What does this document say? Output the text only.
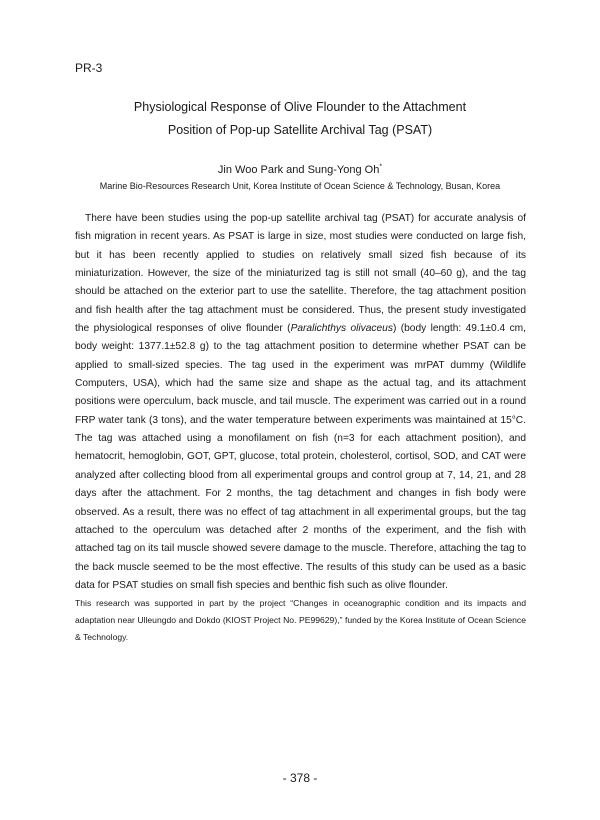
PR-3
Physiological Response of Olive Flounder to the Attachment
Position of Pop-up Satellite Archival Tag (PSAT)
Jin Woo Park and Sung-Yong Oh*
Marine Bio-Resources Research Unit, Korea Institute of Ocean Science & Technology, Busan, Korea

There have been studies using the pop-up satellite archival tag (PSAT) for accurate analysis of fish migration in recent years. As PSAT is large in size, most studies were conducted on large fish, but it has been recently applied to studies on relatively small sized fish because of its miniaturization. However, the size of the miniaturized tag is still not small (40–60 g), and the tag should be attached on the exterior part to use the satellite. Therefore, the tag attachment position and fish health after the tag attachment must be considered. Thus, the present study investigated the physiological responses of olive flounder (Paralichthys olivaceus) (body length: 49.1±0.4 cm, body weight: 1377.1±52.8 g) to the tag attachment position to determine whether PSAT can be applied to small-sized species. The tag used in the experiment was mrPAT dummy (Wildlife Computers, USA), which had the same size and shape as the actual tag, and its attachment positions were operculum, back muscle, and tail muscle. The experiment was carried out in a round FRP water tank (3 tons), and the water temperature between experiments was maintained at 15°C. The tag was attached using a monofilament on fish (n=3 for each attachment position), and hematocrit, hemoglobin, GOT, GPT, glucose, total protein, cholesterol, cortisol, SOD, and CAT were analyzed after collecting blood from all experimental groups and control group at 7, 14, 21, and 28 days after the attachment. For 2 months, the tag detachment and changes in fish body were observed. As a result, there was no effect of tag attachment in all experimental groups, but the tag attached to the operculum was detached after 2 months of the experiment, and the fish with attached tag on its tail muscle showed severe damage to the muscle. Therefore, attaching the tag to the back muscle seemed to be the most effective. The results of this study can be used as a basic data for PSAT studies on small fish species and benthic fish such as olive flounder.

This research was supported in part by the project “Changes in oceanographic condition and its impacts and adaptation near Ulleungdo and Dokdo (KIOST Project No. PE99629),” funded by the Korea Institute of Ocean Science & Technology.

- 378 -
